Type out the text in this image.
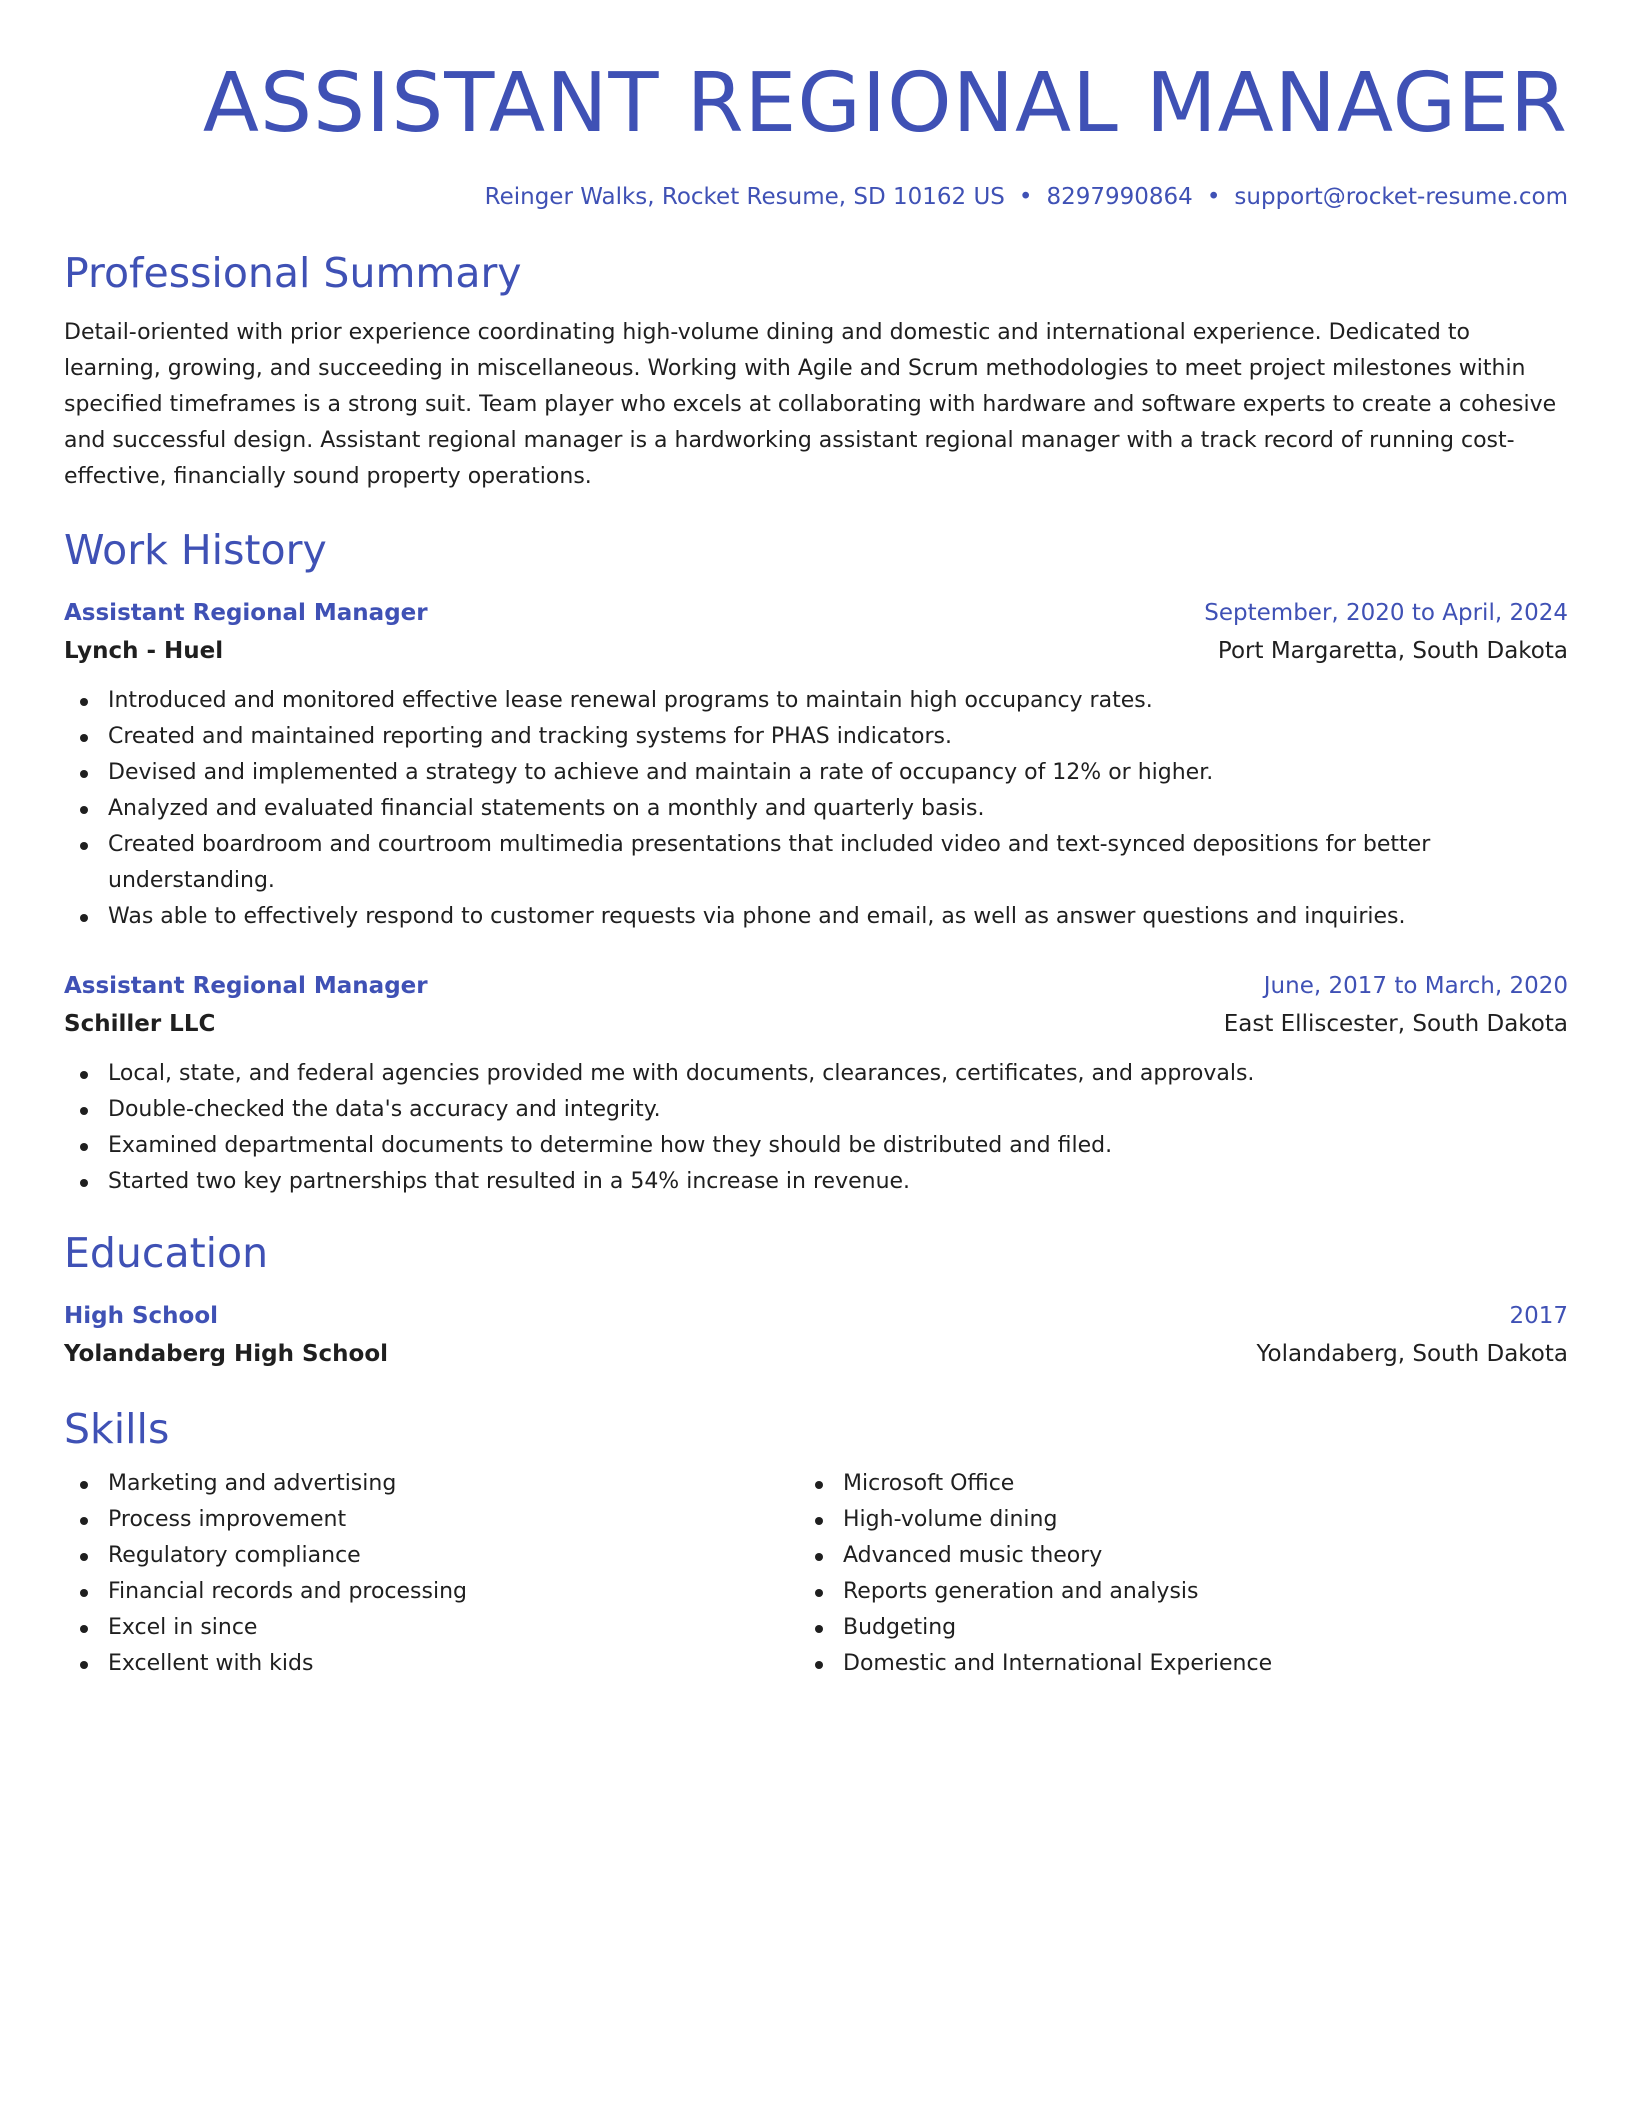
ASSISTANT REGIONAL MANAGER
Reinger Walks, Rocket Resume, SD 10162 US • 8297990864 • support@rocket-resume.com
Professional Summary
Detail-oriented with prior experience coordinating high-volume dining and domestic and international experience. Dedicated to learning, growing, and succeeding in miscellaneous. Working with Agile and Scrum methodologies to meet project milestones within specified timeframes is a strong suit. Team player who excels at collaborating with hardware and software experts to create a cohesive and successful design. Assistant regional manager is a hardworking assistant regional manager with a track record of running cost-effective, financially sound property operations.
Work History
Assistant Regional Manager	September, 2020 to April, 2024
Lynch - Huel	Port Margaretta, South Dakota
Introduced and monitored effective lease renewal programs to maintain high occupancy rates.
Created and maintained reporting and tracking systems for PHAS indicators.
Devised and implemented a strategy to achieve and maintain a rate of occupancy of 12% or higher.
Analyzed and evaluated financial statements on a monthly and quarterly basis.
Created boardroom and courtroom multimedia presentations that included video and text-synced depositions for better understanding.
Was able to effectively respond to customer requests via phone and email, as well as answer questions and inquiries.
Assistant Regional Manager	June, 2017 to March, 2020
Schiller LLC	East Elliscester, South Dakota
Local, state, and federal agencies provided me with documents, clearances, certificates, and approvals.
Double-checked the data's accuracy and integrity.
Examined departmental documents to determine how they should be distributed and filed.
Started two key partnerships that resulted in a 54% increase in revenue.
Education
High School	2017
Yolandaberg High School	Yolandaberg, South Dakota
Skills
Marketing and advertising
Process improvement
Regulatory compliance
Financial records and processing
Excel in since
Excellent with kids
Microsoft Office
High-volume dining
Advanced music theory
Reports generation and analysis
Budgeting
Domestic and International Experience
